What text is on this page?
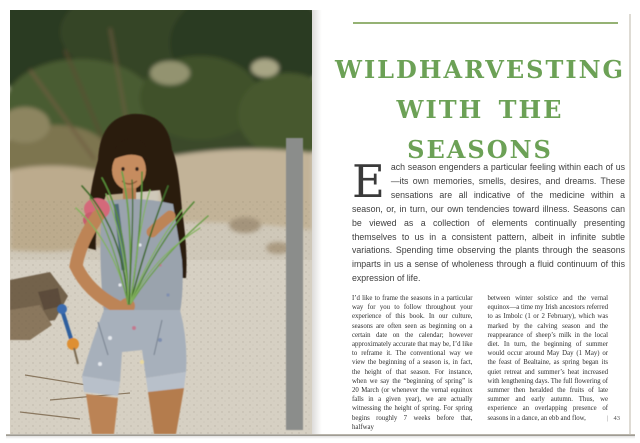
WILDHARVESTING
WITH THE SEASONS
Each season engenders a particular feeling within each of us—its own memories, smells, desires, and dreams. These sensations are all indicative of the medicine within a season, or, in turn, our own tendencies toward illness. Seasons can be viewed as a collection of elements continually presenting themselves to us in a consistent pattern, albeit in infinite subtle variations. Spending time observing the plants through the seasons imparts in us a sense of wholeness through a fluid continuum of this expression of life.
I’d like to frame the seasons in a particular way for you to follow throughout your experience of this book. In our culture, seasons are often seen as beginning on a certain date on the calendar; however approximately accurate that may be, I’d like to reframe it. The conventional way we view the beginning of a season is, in fact, the height of that season. For instance, when we say the “beginning of spring” is 20 March (or whenever the vernal equinox falls in a given year), we are actually witnessing the height of spring. For spring begins roughly 7 weeks before that, halfway
between winter solstice and the vernal equinox—a time my Irish ancestors referred to as Imbolc (1 or 2 February), which was marked by the calving season and the reappearance of sheep’s milk in the local diet. In turn, the beginning of summer would occur around May Day (1 May) or the feast of Bealtaine, as spring began its quiet retreat and summer’s heat increased with lengthening days. The full flowering of summer then heralded the fruits of late summer and early autumn. Thus, we experience an overlapping presence of seasons in a dance, an ebb and flow,	| 43
